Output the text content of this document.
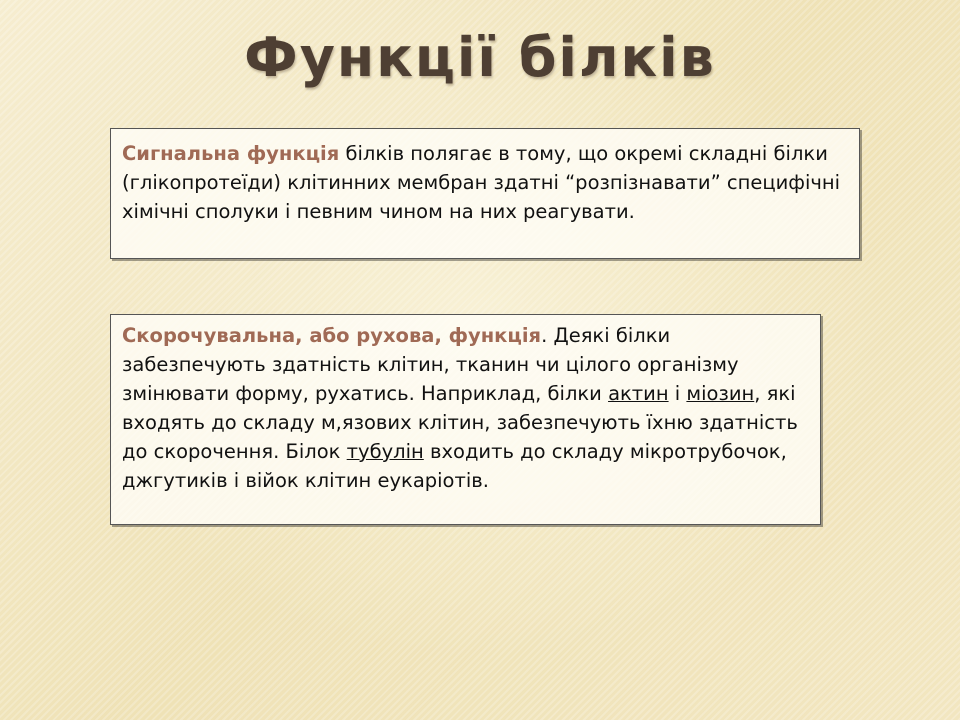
Функції білків
Сигнальна функція білків полягає в тому, що окремі складні білки (глікопротеїди) клітинних мембран здатні “розпізнавати” специфічні хімічні сполуки і певним чином на них реагувати.
Скорочувальна, або рухова, функція. Деякі білки забезпечують здатність клітин, тканин чи цілого організму змінювати форму, рухатись. Наприклад, білки актин і міозин, які входять до складу м,язових клітин, забезпечують їхню здатність до скорочення. Білок тубулін входить до складу мікротрубочок, джгутиків і війок клітин еукаріотів.
